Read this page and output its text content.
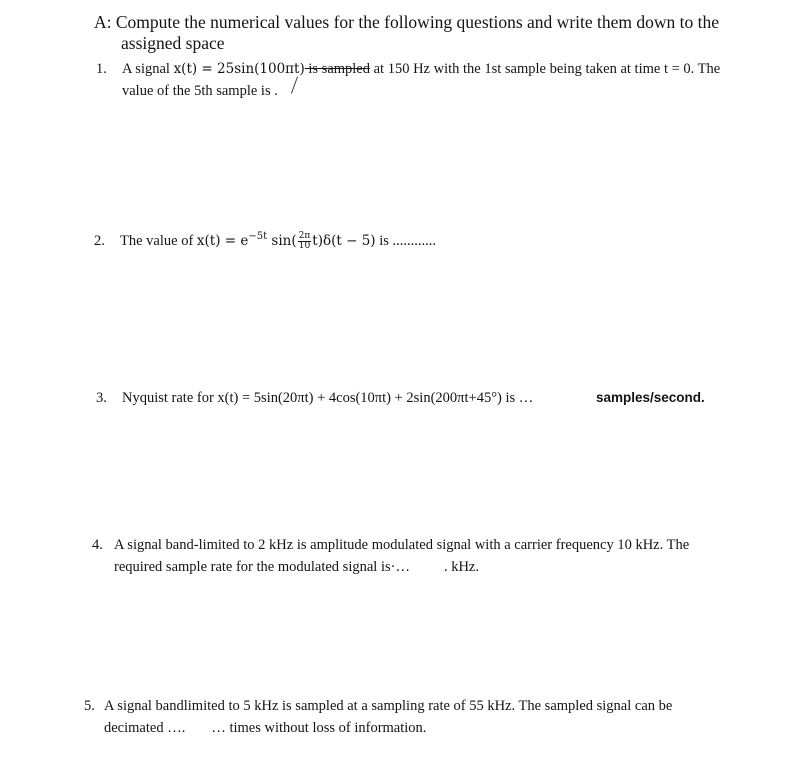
A: Compute the numerical values for the following questions and write them down to the
assigned space
1. A signal x(t) = 25sin(100πt) is sampled at 150 Hz with the 1st sample being taken at time t = 0. The
value of the 5th sample is .
2. The value of $x(t) = e^{-5t}$ $\sin( \frac{2\pi}{10} t)\delta(t - 5)$ is ............
3. Nyquist rate for x(t) = 5sin(20πt) + 4cos(10πt) + 2sin(200πt+45°) is …	samples/second.
4. A signal band-limited to 2 kHz is amplitude modulated signal with a carrier frequency 10 kHz. The
required sample rate for the modulated signal is·… . kHz.
5. A signal bandlimited to 5 kHz is sampled at a sampling rate of 55 kHz. The sampled signal can be
decimated …. … times without loss of information.
